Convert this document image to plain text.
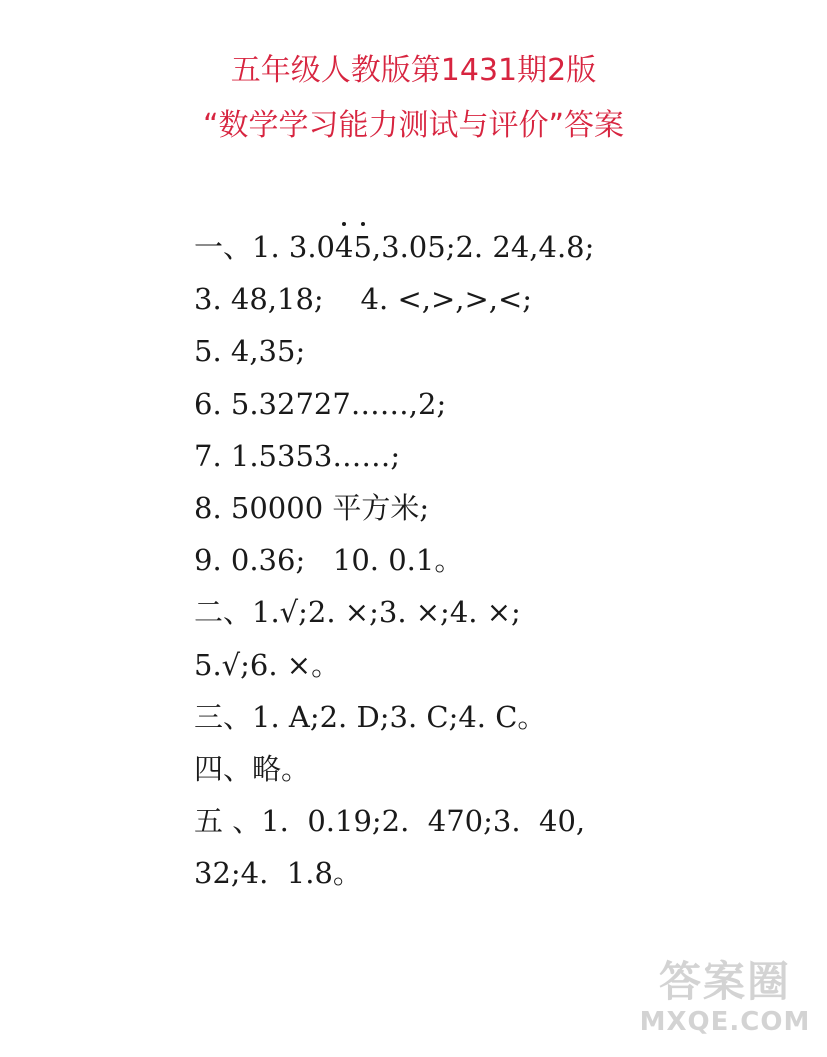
五年级人教版第1431期2版
“数学学习能力测试与评价”答案
一、1. 3.045,3.05;2. 24,4.8;
3. 48,18;    4. <,>,>,<;
5. 4,35;
6. 5.32727……,2;
7. 1.5353……;
8. 50000 平方米;
9. 0.36;   10. 0.1。
二、1.√;2. ×;3. ×;4. ×;
5.√;6. ×。
三、1. A;2. D;3. C;4. C。
四、略。
五 、1.  0.19;2.  470;3.  40,
32;4.  1.8。
答案圈
MXQE.COM
